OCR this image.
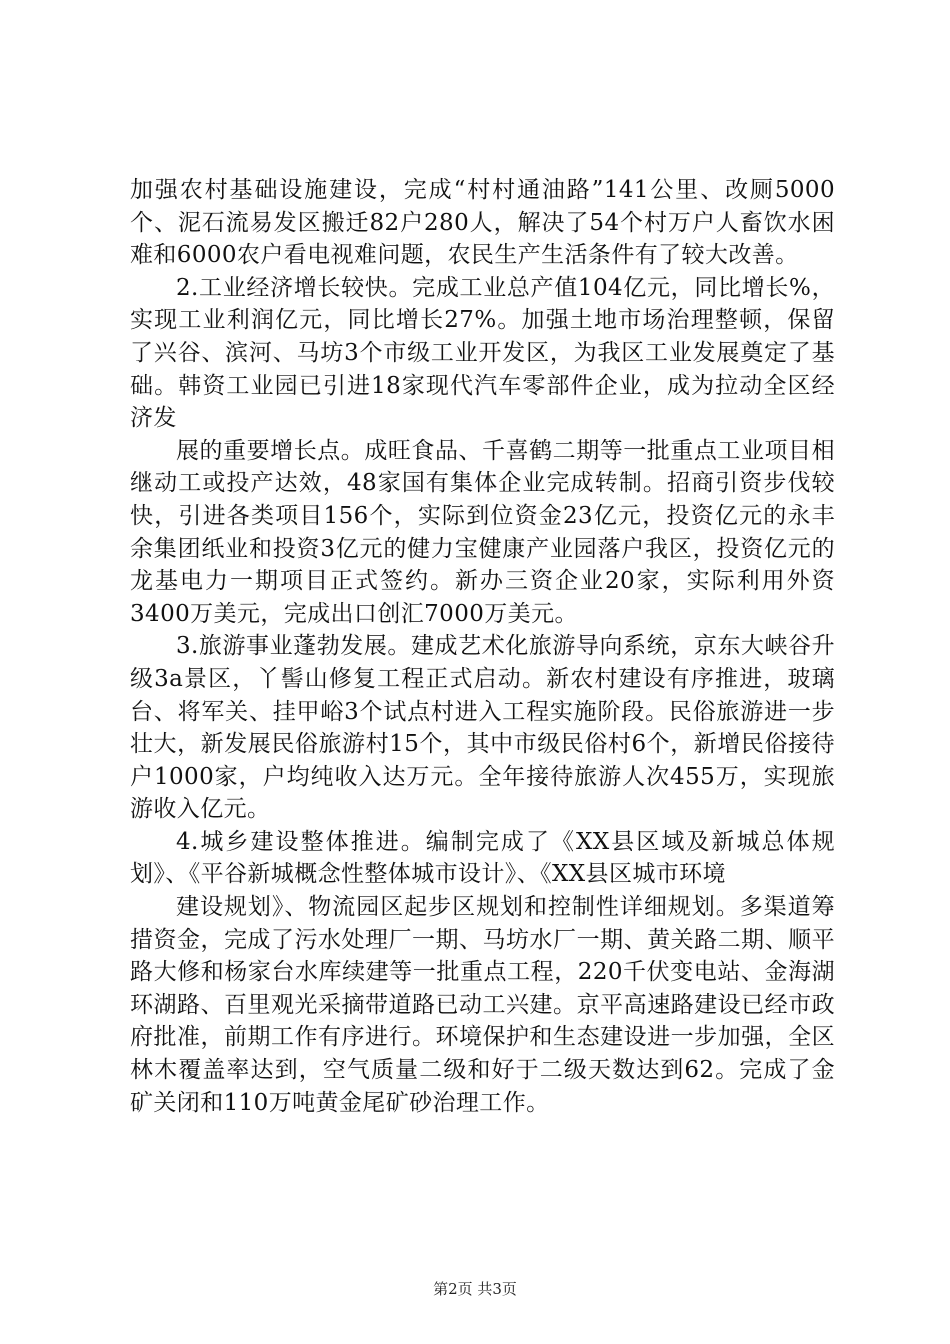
加强农村基础设施建设，完成“村村通油路”141公里、改厕5000个、泥石流易发区搬迁82户280人，解决了54个村万户人畜饮水困难和6000农户看电视难问题，农民生产生活条件有了较大改善。

2.工业经济增长较快。完成工业总产值104亿元，同比增长%，实现工业利润亿元，同比增长27%。加强土地市场治理整顿，保留了兴谷、滨河、马坊3个市级工业开发区，为我区工业发展奠定了基础。韩资工业园已引进18家现代汽车零部件企业，成为拉动全区经济发

展的重要增长点。成旺食品、千喜鹤二期等一批重点工业项目相继动工或投产达效，48家国有集体企业完成转制。招商引资步伐较快，引进各类项目156个，实际到位资金23亿元，投资亿元的永丰余集团纸业和投资3亿元的健力宝健康产业园落户我区，投资亿元的龙基电力一期项目正式签约。新办三资企业20家，实际利用外资3400万美元，完成出口创汇7000万美元。

3.旅游事业蓬勃发展。建成艺术化旅游导向系统，京东大峡谷升级3a景区，丫髻山修复工程正式启动。新农村建设有序推进，玻璃台、将军关、挂甲峪3个试点村进入工程实施阶段。民俗旅游进一步壮大，新发展民俗旅游村15个，其中市级民俗村6个，新增民俗接待户1000家，户均纯收入达万元。全年接待旅游人次455万，实现旅游收入亿元。

4.城乡建设整体推进。编制完成了《XX县区域及新城总体规划》、《平谷新城概念性整体城市设计》、《XX县区城市环境

建设规划》、物流园区起步区规划和控制性详细规划。多渠道筹措资金，完成了污水处理厂一期、马坊水厂一期、黄关路二期、顺平路大修和杨家台水库续建等一批重点工程，220千伏变电站、金海湖环湖路、百里观光采摘带道路已动工兴建。京平高速路建设已经市政府批准，前期工作有序进行。环境保护和生态建设进一步加强，全区林木覆盖率达到，空气质量二级和好于二级天数达到62。完成了金矿关闭和110万吨黄金尾矿砂治理工作。

第2页 共3页
